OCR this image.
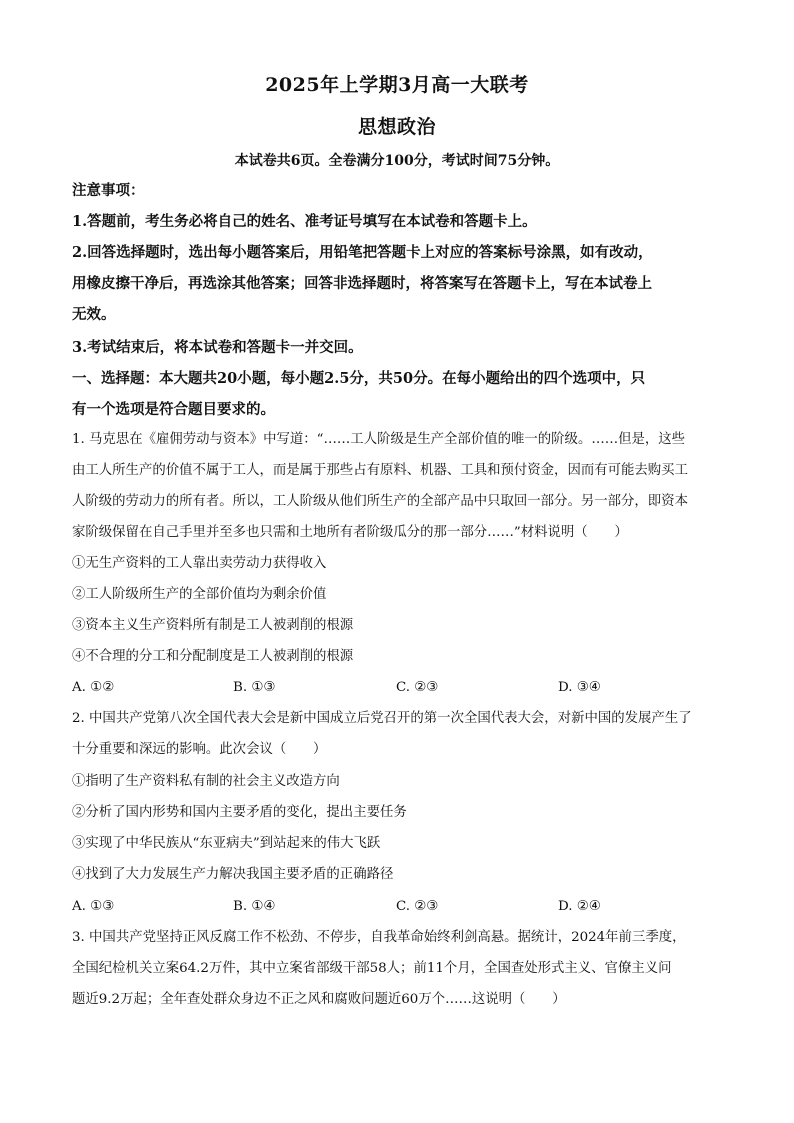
2025年上学期3月高一大联考
思想政治
本试卷共6页。全卷满分100分，考试时间75分钟。
注意事项：
1.答题前，考生务必将自己的姓名、准考证号填写在本试卷和答题卡上。
2.回答选择题时，选出每小题答案后，用铅笔把答题卡上对应的答案标号涂黑，如有改动，
用橡皮擦干净后，再选涂其他答案；回答非选择题时，将答案写在答题卡上，写在本试卷上
无效。
3.考试结束后，将本试卷和答题卡一并交回。
一、选择题：本大题共20小题，每小题2.5分，共50分。在每小题给出的四个选项中，只
有一个选项是符合题目要求的。
1. 马克思在《雇佣劳动与资本》中写道：“……工人阶级是生产全部价值的唯一的阶级。……但是，这些
由工人所生产的价值不属于工人，而是属于那些占有原料、机器、工具和预付资金，因而有可能去购买工
人阶级的劳动力的所有者。所以，工人阶级从他们所生产的全部产品中只取回一部分。另一部分，即资本
家阶级保留在自己手里并至多也只需和土地所有者阶级瓜分的那一部分……”材料说明（　　）
①无生产资料的工人靠出卖劳动力获得收入
②工人阶级所生产的全部价值均为剩余价值
③资本主义生产资料所有制是工人被剥削的根源
④不合理的分工和分配制度是工人被剥削的根源
A. ①②	B. ①③	C. ②③	D. ③④
2. 中国共产党第八次全国代表大会是新中国成立后党召开的第一次全国代表大会，对新中国的发展产生了
十分重要和深远的影响。此次会议（　　）
①指明了生产资料私有制的社会主义改造方向
②分析了国内形势和国内主要矛盾的变化，提出主要任务
③实现了中华民族从“东亚病夫”到站起来的伟大飞跃
④找到了大力发展生产力解决我国主要矛盾的正确路径
A. ①③	B. ①④	C. ②③	D. ②④
3. 中国共产党坚持正风反腐工作不松劲、不停步，自我革命始终利剑高悬。据统计，2024年前三季度，
全国纪检机关立案64.2万件，其中立案省部级干部58人；前11个月，全国查处形式主义、官僚主义问
题近9.2万起；全年查处群众身边不正之风和腐败问题近60万个……这说明（　　）
